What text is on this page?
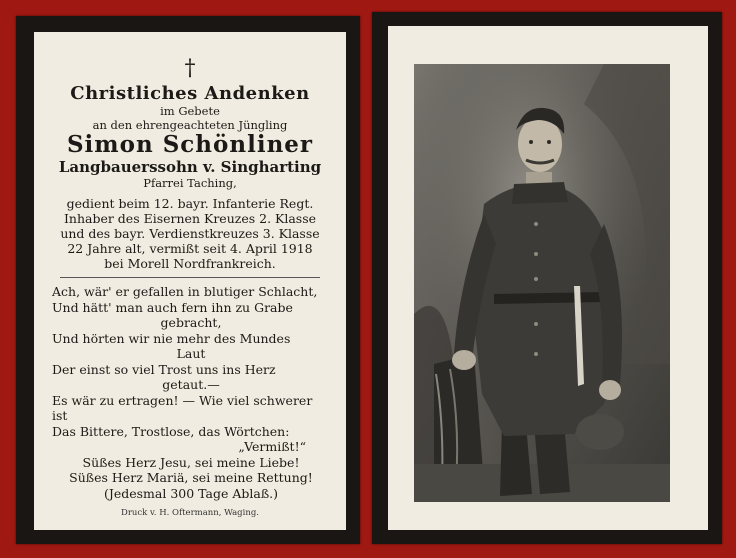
†
Christliches Andenken
im Gebete
an den ehrengeachteten Jüngling
Simon Schönliner
Langbauerssohn v. Singharting
Pfarrei Taching,
gedient beim 12. bayr. Infanterie Regt.
Inhaber des Eisernen Kreuzes 2. Klasse
und des bayr. Verdienstkreuzes 3. Klasse
22 Jahre alt, vermißt seit 4. April 1918
bei Morell Nordfrankreich.
Ach, wär' er gefallen in blutiger Schlacht,
Und hätt' man auch fern ihn zu Grabe
gebracht,
Und hörten wir nie mehr des Mundes
Laut
Der einst so viel Trost uns ins Herz
getaut.—
Es wär zu ertragen! — Wie viel schwerer ist
Das Bittere, Trostlose, das Wörtchen:
„Vermißt!“
Süßes Herz Jesu, sei meine Liebe!
Süßes Herz Mariä, sei meine Rettung!
(Jedesmal 300 Tage Ablaß.)
Druck v. H. Oftermann, Waging.
